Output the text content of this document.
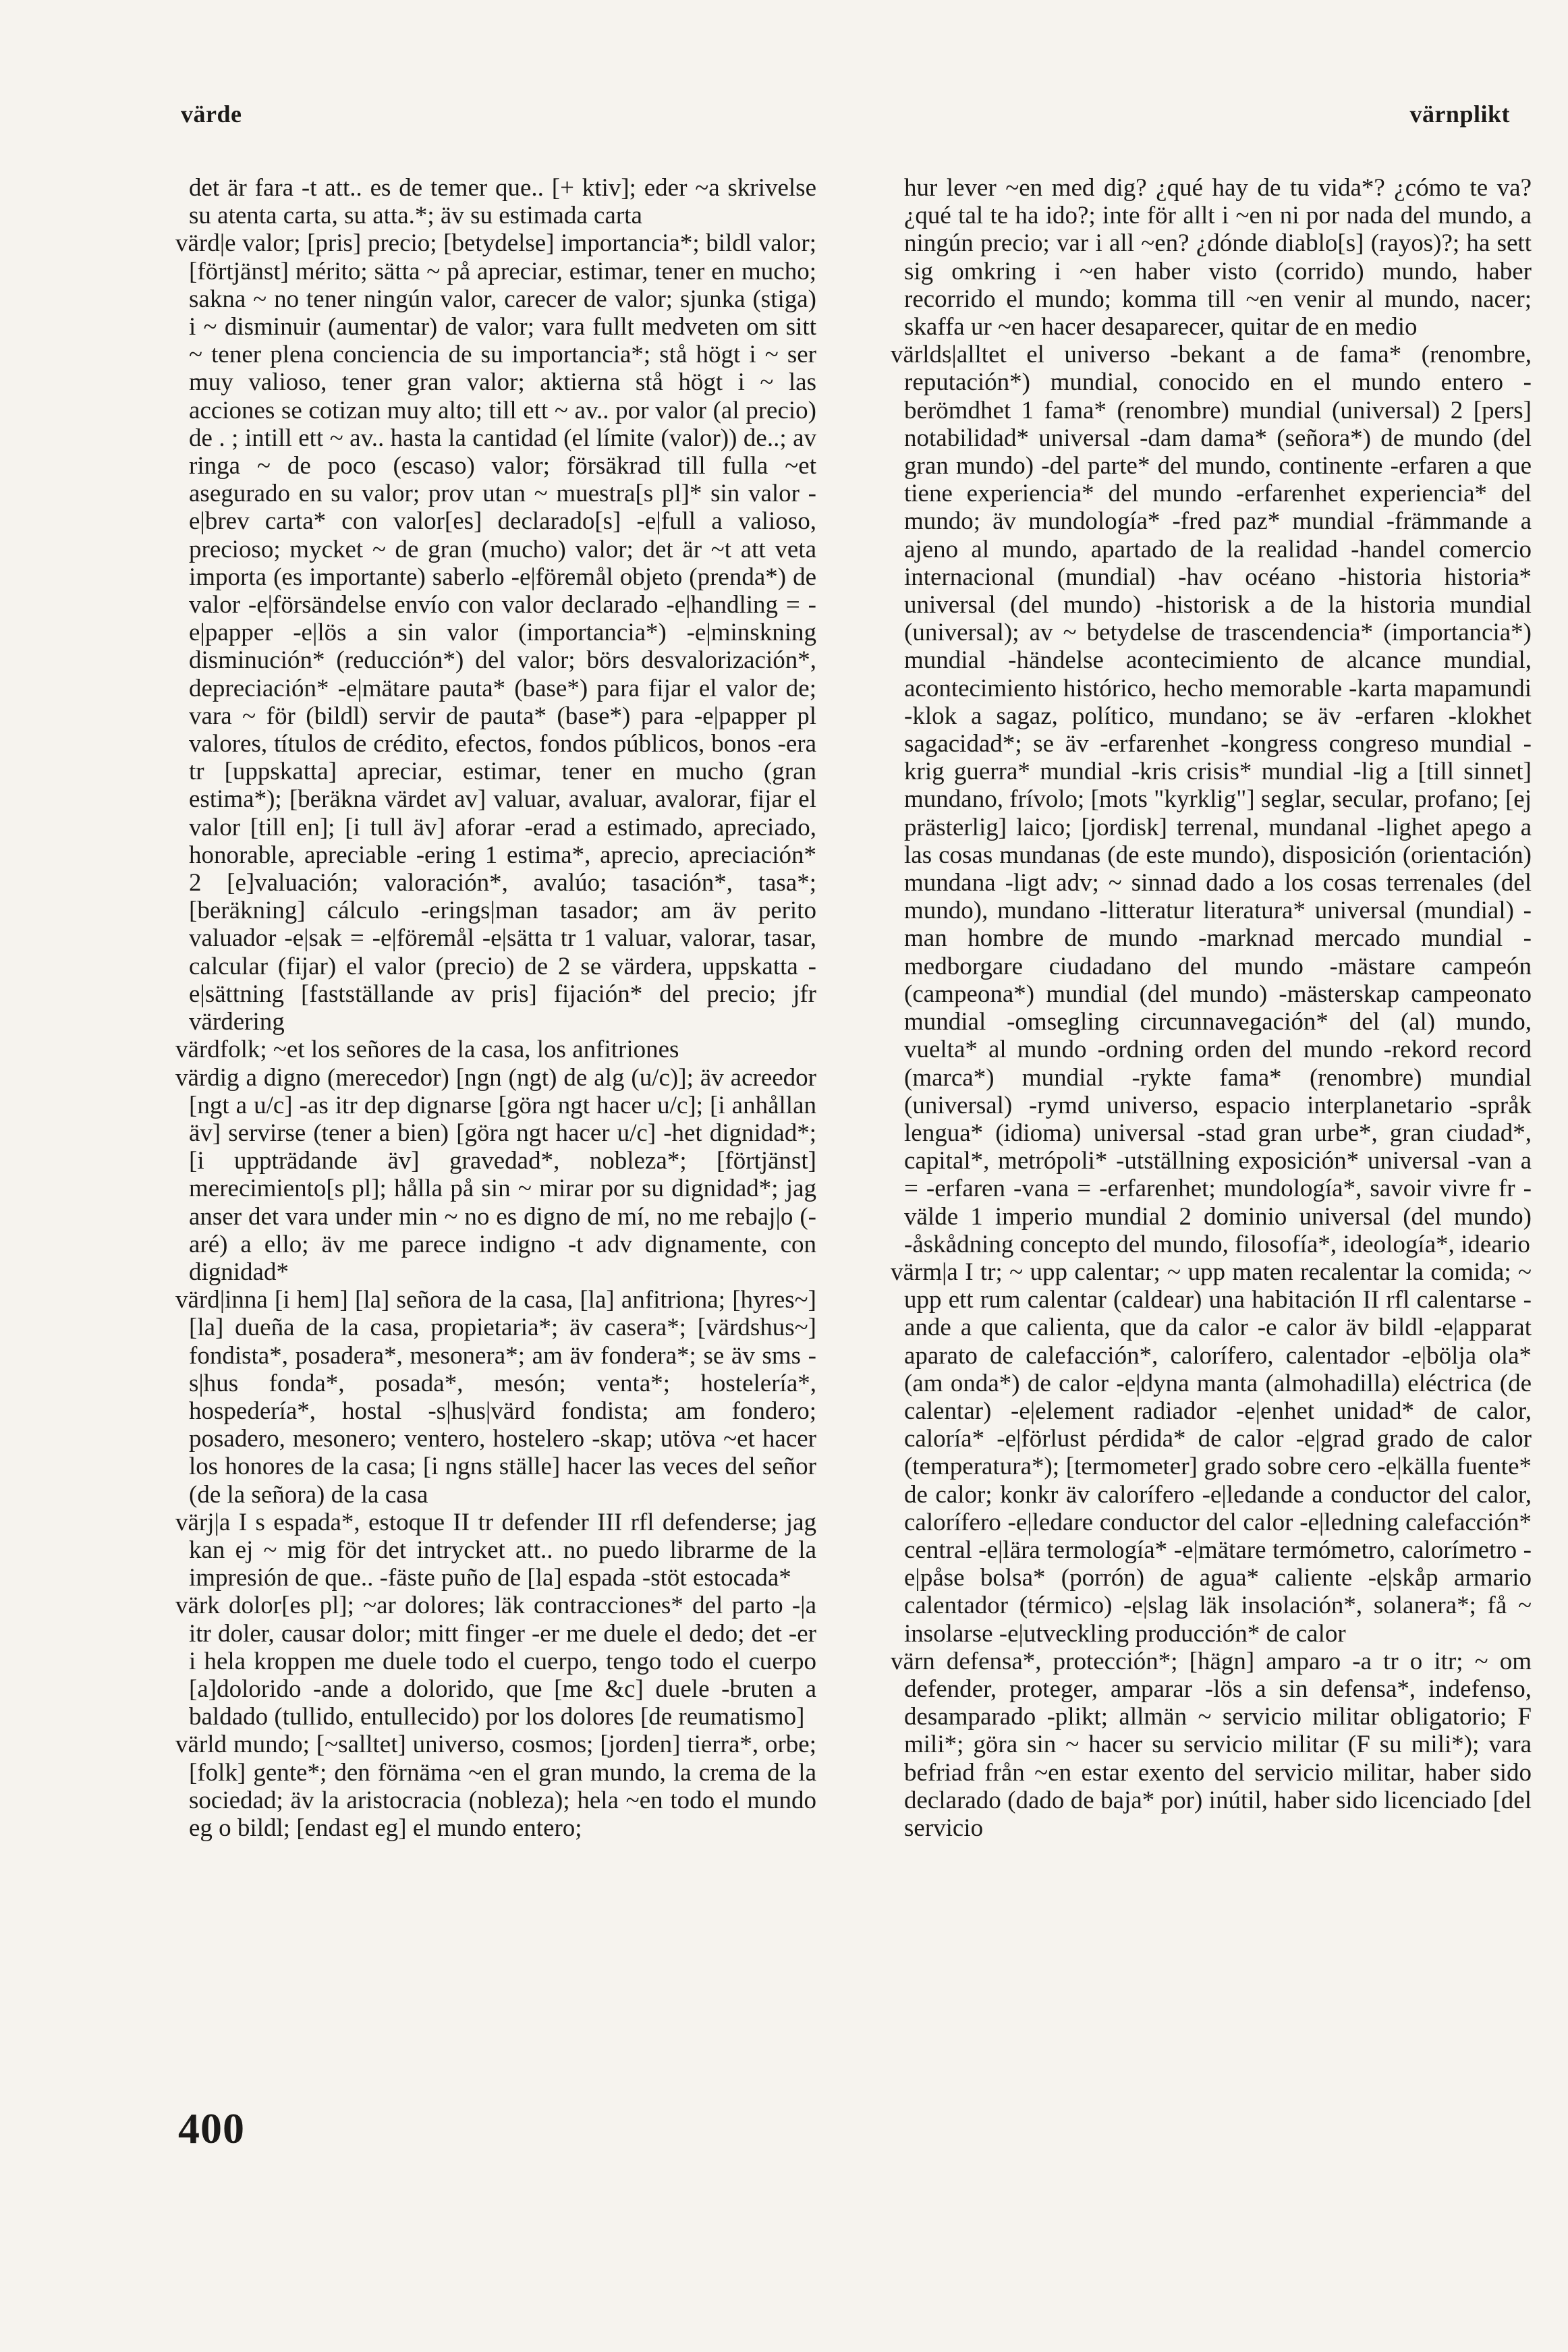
värde	värnplikt

det är fara -t att.. es de temer que.. [+ ktiv]; eder ~a skrivelse su atenta carta, su atta.*; äv su estimada carta

värd|e valor; [pris] precio; [betydelse] importancia*; bildl valor; [förtjänst] mérito; sätta ~ på apreciar, estimar, tener en mucho; sakna ~ no tener ningún valor, carecer de valor; sjunka (stiga) i ~ disminuir (aumentar) de valor; vara fullt medveten om sitt ~ tener plena conciencia de su importancia*; stå högt i ~ ser muy valioso, tener gran valor; aktierna stå högt i ~ las acciones se cotizan muy alto; till ett ~ av.. por valor (al precio) de . ; intill ett ~ av.. hasta la cantidad (el límite (valor)) de..; av ringa ~ de poco (escaso) valor; försäkrad till fulla ~et asegurado en su valor; prov utan ~ muestra[s pl]* sin valor -e|brev carta* con valor[es] declarado[s] -e|full a valioso, precioso; mycket ~ de gran (mucho) valor; det är ~t att veta importa (es importante) saberlo -e|föremål objeto (prenda*) de valor -e|försändelse envío con valor declarado -e|handling = -e|papper -e|lös a sin valor (importancia*) -e|minskning disminución* (reducción*) del valor; börs desvalorización*, depreciación* -e|mätare pauta* (base*) para fijar el valor de; vara ~ för (bildl) servir de pauta* (base*) para -e|papper pl valores, títulos de crédito, efectos, fondos públicos, bonos -era tr [uppskatta] apreciar, estimar, tener en mucho (gran estima*); [beräkna värdet av] valuar, avaluar, avalorar, fijar el valor [till en]; [i tull äv] aforar -erad a estimado, apreciado, honorable, apreciable -ering 1 estima*, aprecio, apreciación* 2 [e]valuación; valoración*, avalúo; tasación*, tasa*; [beräkning] cálculo -erings|man tasador; am äv perito valuador -e|sak = -e|föremål -e|sätta tr 1 valuar, valorar, tasar, calcular (fijar) el valor (precio) de 2 se värdera, uppskatta -e|sättning [fastställande av pris] fijación* del precio; jfr värdering

värdfolk; ~et los señores de la casa, los anfitriones

värdig a digno (merecedor) [ngn (ngt) de alg (u/c)]; äv acreedor [ngt a u/c] -as itr dep dignarse [göra ngt hacer u/c]; [i anhållan äv] servirse (tener a bien) [göra ngt hacer u/c] -het dignidad*; [i uppträdande äv] gravedad*, nobleza*; [förtjänst] merecimiento[s pl]; hålla på sin ~ mirar por su dignidad*; jag anser det vara under min ~ no es digno de mí, no me rebaj|o (-aré) a ello; äv me parece indigno -t adv dignamente, con dignidad*

värd|inna [i hem] [la] señora de la casa, [la] anfitriona; [hyres~] [la] dueña de la casa, propietaria*; äv casera*; [värdshus~] fondista*, posadera*, mesonera*; am äv fondera*; se äv sms -s|hus fonda*, posada*, mesón; venta*; hostelería*, hospedería*, hostal -s|hus|värd fondista; am fondero; posadero, mesonero; ventero, hostelero -skap; utöva ~et hacer los honores de la casa; [i ngns ställe] hacer las veces del señor (de la señora) de la casa

värj|a I s espada*, estoque II tr defender III rfl defenderse; jag kan ej ~ mig för det intrycket att.. no puedo librarme de la impresión de que.. -fäste puño de [la] espada -stöt estocada*

värk dolor[es pl]; ~ar dolores; läk contracciones* del parto -|a itr doler, causar dolor; mitt finger -er me duele el dedo; det -er i hela kroppen me duele todo el cuerpo, tengo todo el cuerpo [a]dolorido -ande a dolorido, que [me &c] duele -bruten a baldado (tullido, entullecido) por los dolores [de reumatismo]

värld mundo; [~salltet] universo, cosmos; [jorden] tierra*, orbe; [folk] gente*; den förnäma ~en el gran mundo, la crema de la sociedad; äv la aristocracia (nobleza); hela ~en todo el mundo eg o bildl; [endast eg] el mundo entero;

hur lever ~en med dig? ¿qué hay de tu vida*? ¿cómo te va? ¿qué tal te ha ido?; inte för allt i ~en ni por nada del mundo, a ningún precio; var i all ~en? ¿dónde diablo[s] (rayos)?; ha sett sig omkring i ~en haber visto (corrido) mundo, haber recorrido el mundo; komma till ~en venir al mundo, nacer; skaffa ur ~en hacer desaparecer, quitar de en medio

världs|alltet el universo -bekant a de fama* (renombre, reputación*) mundial, conocido en el mundo entero -berömdhet 1 fama* (renombre) mundial (universal) 2 [pers] notabilidad* universal -dam dama* (señora*) de mundo (del gran mundo) -del parte* del mundo, continente -erfaren a que tiene experiencia* del mundo -erfarenhet experiencia* del mundo; äv mundología* -fred paz* mundial -främmande a ajeno al mundo, apartado de la realidad -handel comercio internacional (mundial) -hav océano -historia historia* universal (del mundo) -historisk a de la historia mundial (universal); av ~ betydelse de trascendencia* (importancia*) mundial -händelse acontecimiento de alcance mundial, acontecimiento histórico, hecho memorable -karta mapamundi -klok a sagaz, político, mundano; se äv -erfaren -klokhet sagacidad*; se äv -erfarenhet -kongress congreso mundial -krig guerra* mundial -kris crisis* mundial -lig a [till sinnet] mundano, frívolo; [mots "kyrklig"] seglar, secular, profano; [ej prästerlig] laico; [jordisk] terrenal, mundanal -lighet apego a las cosas mundanas (de este mundo), disposición (orientación) mundana -ligt adv; ~ sinnad dado a los cosas terrenales (del mundo), mundano -litteratur literatura* universal (mundial) -man hombre de mundo -marknad mercado mundial -medborgare ciudadano del mundo -mästare campeón (campeona*) mundial (del mundo) -mästerskap campeonato mundial -omsegling circunnavegación* del (al) mundo, vuelta* al mundo -ordning orden del mundo -rekord record (marca*) mundial -rykte fama* (renombre) mundial (universal) -rymd universo, espacio interplanetario -språk lengua* (idioma) universal -stad gran urbe*, gran ciudad*, capital*, metrópoli* -utställning exposición* universal -van a = -erfaren -vana = -erfarenhet; mundología*, savoir vivre fr -välde 1 imperio mundial 2 dominio universal (del mundo) -åskådning concepto del mundo, filosofía*, ideología*, ideario

värm|a I tr; ~ upp calentar; ~ upp maten recalentar la comida; ~ upp ett rum calentar (caldear) una habitación II rfl calentarse -ande a que calienta, que da calor -e calor äv bildl -e|apparat aparato de calefacción*, calorífero, calentador -e|bölja ola* (am onda*) de calor -e|dyna manta (almohadilla) eléctrica (de calentar) -e|element radiador -e|enhet unidad* de calor, caloría* -e|förlust pérdida* de calor -e|grad grado de calor (temperatura*); [termometer] grado sobre cero -e|källa fuente* de calor; konkr äv calorífero -e|ledande a conductor del calor, calorífero -e|ledare conductor del calor -e|ledning calefacción* central -e|lära termología* -e|mätare termómetro, calorímetro -e|påse bolsa* (porrón) de agua* caliente -e|skåp armario calentador (térmico) -e|slag läk insolación*, solanera*; få ~ insolarse -e|utveckling producción* de calor

värn defensa*, protección*; [hägn] amparo -a tr o itr; ~ om defender, proteger, amparar -lös a sin defensa*, indefenso, desamparado -plikt; allmän ~ servicio militar obligatorio; F mili*; göra sin ~ hacer su servicio militar (F su mili*); vara befriad från ~en estar exento del servicio militar, haber sido declarado (dado de baja* por) inútil, haber sido licenciado [del servicio

400
